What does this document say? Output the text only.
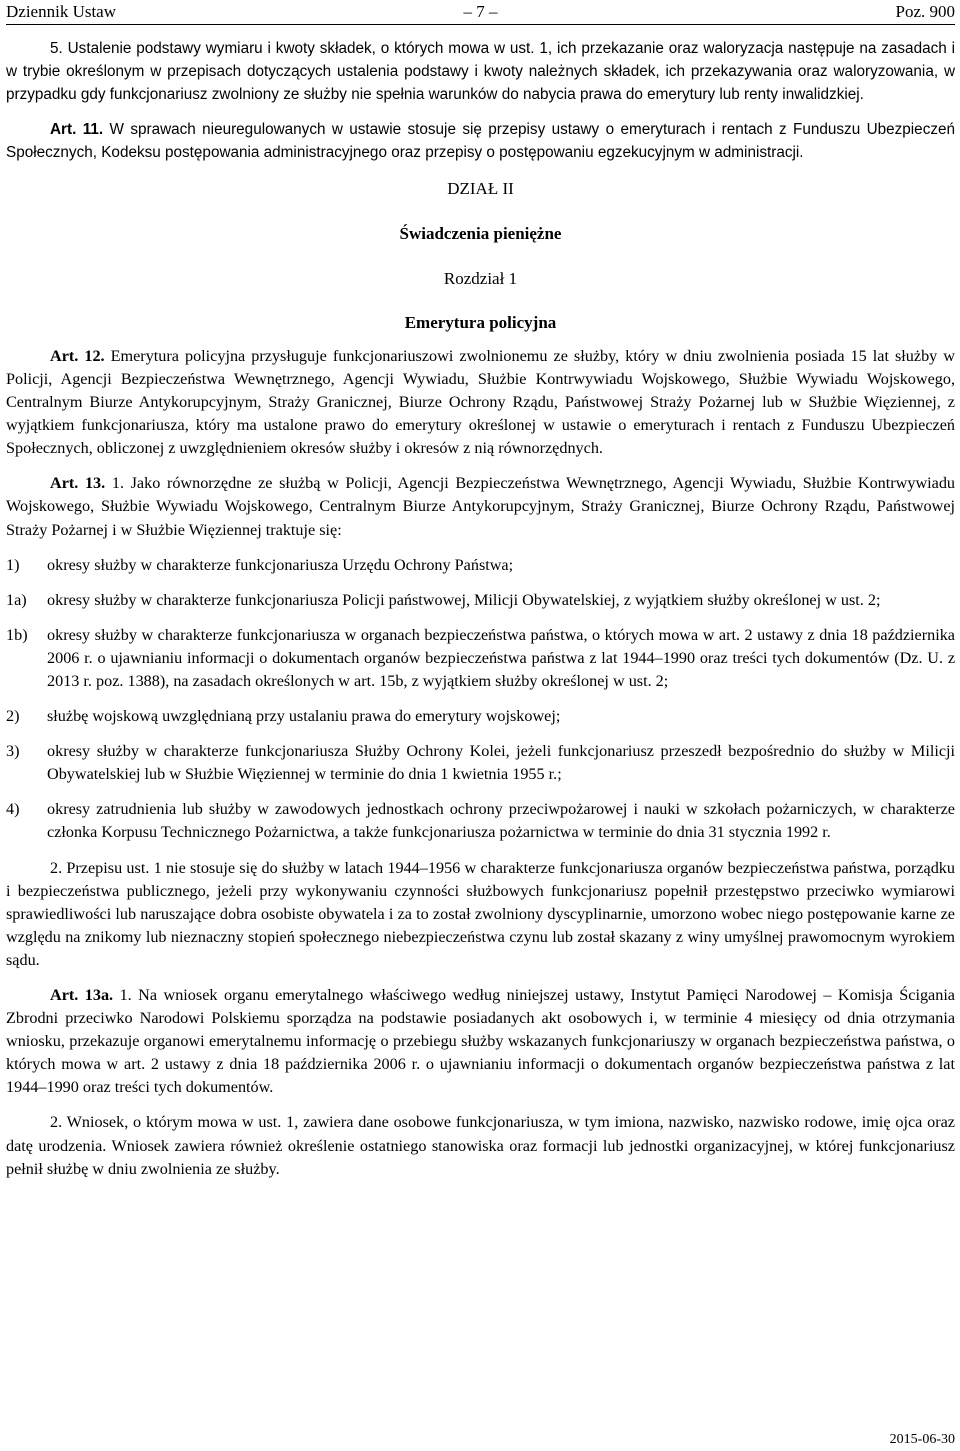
Dziennik Ustaw	– 7 –	Poz. 900

5. Ustalenie podstawy wymiaru i kwoty składek, o których mowa w ust. 1, ich przekazanie oraz waloryzacja następuje na zasadach i w trybie określonym w przepisach dotyczących ustalenia podstawy i kwoty należnych składek, ich przekazywania oraz waloryzowania, w przypadku gdy funkcjonariusz zwolniony ze służby nie spełnia warunków do nabycia prawa do emerytury lub renty inwalidzkiej.

Art. 11. W sprawach nieuregulowanych w ustawie stosuje się przepisy ustawy o emeryturach i rentach z Funduszu Ubezpieczeń Społecznych, Kodeksu postępowania administracyjnego oraz przepisy o postępowaniu egzekucyjnym w administracji.

DZIAŁ II
Świadczenia pieniężne
Rozdział 1
Emerytura policyjna

Art. 12. Emerytura policyjna przysługuje funkcjonariuszowi zwolnionemu ze służby, który w dniu zwolnienia posiada 15 lat służby w Policji, Agencji Bezpieczeństwa Wewnętrznego, Agencji Wywiadu, Służbie Kontrwywiadu Wojskowego, Służbie Wywiadu Wojskowego, Centralnym Biurze Antykorupcyjnym, Straży Granicznej, Biurze Ochrony Rządu, Państwowej Straży Pożarnej lub w Służbie Więziennej, z wyjątkiem funkcjonariusza, który ma ustalone prawo do emerytury określonej w ustawie o emeryturach i rentach z Funduszu Ubezpieczeń Społecznych, obliczonej z uwzględnieniem okresów służby i okresów z nią równorzędnych.

Art. 13. 1. Jako równorzędne ze służbą w Policji, Agencji Bezpieczeństwa Wewnętrznego, Agencji Wywiadu, Służbie Kontrwywiadu Wojskowego, Służbie Wywiadu Wojskowego, Centralnym Biurze Antykorupcyjnym, Straży Granicznej, Biurze Ochrony Rządu, Państwowej Straży Pożarnej i w Służbie Więziennej traktuje się:

1)	okresy służby w charakterze funkcjonariusza Urzędu Ochrony Państwa;
1a)	okresy służby w charakterze funkcjonariusza Policji państwowej, Milicji Obywatelskiej, z wyjątkiem służby określonej w ust. 2;
1b)	okresy służby w charakterze funkcjonariusza w organach bezpieczeństwa państwa, o których mowa w art. 2 ustawy z dnia 18 października 2006 r. o ujawnianiu informacji o dokumentach organów bezpieczeństwa państwa z lat 1944–1990 oraz treści tych dokumentów (Dz. U. z 2013 r. poz. 1388), na zasadach określonych w art. 15b, z wyjątkiem służby określonej w ust. 2;
2)	służbę wojskową uwzględnianą przy ustalaniu prawa do emerytury wojskowej;
3)	okresy służby w charakterze funkcjonariusza Służby Ochrony Kolei, jeżeli funkcjonariusz przeszedł bezpośrednio do służby w Milicji Obywatelskiej lub w Służbie Więziennej w terminie do dnia 1 kwietnia 1955 r.;
4)	okresy zatrudnienia lub służby w zawodowych jednostkach ochrony przeciwpożarowej i nauki w szkołach pożarniczych, w charakterze członka Korpusu Technicznego Pożarnictwa, a także funkcjonariusza pożarnictwa w terminie do dnia 31 stycznia 1992 r.

2. Przepisu ust. 1 nie stosuje się do służby w latach 1944–1956 w charakterze funkcjonariusza organów bezpieczeństwa państwa, porządku i bezpieczeństwa publicznego, jeżeli przy wykonywaniu czynności służbowych funkcjonariusz popełnił przestępstwo przeciwko wymiarowi sprawiedliwości lub naruszające dobra osobiste obywatela i za to został zwolniony dyscyplinarnie, umorzono wobec niego postępowanie karne ze względu na znikomy lub nieznaczny stopień społecznego niebezpieczeństwa czynu lub został skazany z winy umyślnej prawomocnym wyrokiem sądu.

Art. 13a. 1. Na wniosek organu emerytalnego właściwego według niniejszej ustawy, Instytut Pamięci Narodowej – Komisja Ścigania Zbrodni przeciwko Narodowi Polskiemu sporządza na podstawie posiadanych akt osobowych i, w terminie 4 miesięcy od dnia otrzymania wniosku, przekazuje organowi emerytalnemu informację o przebiegu służby wskazanych funkcjonariuszy w organach bezpieczeństwa państwa, o których mowa w art. 2 ustawy z dnia 18 października 2006 r. o ujawnianiu informacji o dokumentach organów bezpieczeństwa państwa z lat 1944–1990 oraz treści tych dokumentów.

2. Wniosek, o którym mowa w ust. 1, zawiera dane osobowe funkcjonariusza, w tym imiona, nazwisko, nazwisko rodowe, imię ojca oraz datę urodzenia. Wniosek zawiera również określenie ostatniego stanowiska oraz formacji lub jednostki organizacyjnej, w której funkcjonariusz pełnił służbę w dniu zwolnienia ze służby.

2015-06-30
